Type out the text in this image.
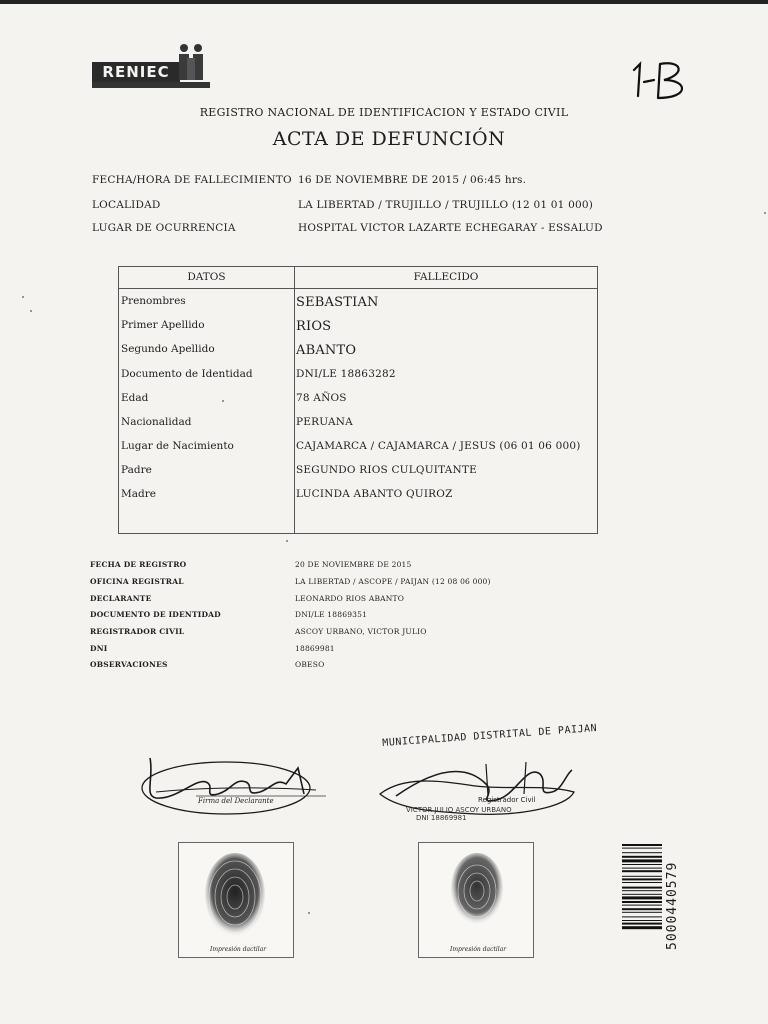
RENIEC
REGISTRO NACIONAL DE IDENTIFICACION Y ESTADO CIVIL
ACTA DE DEFUNCIÓN
FECHA/HORA DE FALLECIMIENTO 16 DE NOVIEMBRE DE 2015 / 06:45 hrs.
LOCALIDAD	LA LIBERTAD / TRUJILLO / TRUJILLO (12 01 01 000)
LUGAR DE OCURRENCIA	HOSPITAL VICTOR LAZARTE ECHEGARAY - ESSALUD
DATOS	FALLECIDO
Prenombres	SEBASTIAN
Primer Apellido	RIOS
Segundo Apellido	ABANTO
Documento de Identidad	DNI/LE 18863282
Edad	78 AÑOS
Nacionalidad	PERUANA
Lugar de Nacimiento	CAJAMARCA / CAJAMARCA / JESUS (06 01 06 000)
Padre	SEGUNDO RIOS CULQUITANTE
Madre	LUCINDA ABANTO QUIROZ
FECHA DE REGISTRO	20 DE NOVIEMBRE DE 2015
OFICINA REGISTRAL	LA LIBERTAD / ASCOPE / PAIJAN (12 08 06 000)
DECLARANTE	LEONARDO RIOS ABANTO
DOCUMENTO DE IDENTIDAD	DNI/LE 18869351
REGISTRADOR CIVIL	ASCOY URBANO, VICTOR JULIO
DNI	18869981
OBSERVACIONES	OBESO
Firma del Declarante
VICTOR JULIO ASCOY URBANO
DNI 18869981
MUNICIPALIDAD DISTRITAL DE PAIJAN
Registrador Civil
Impresión dactilar	Impresión dactilar	500044057​9
